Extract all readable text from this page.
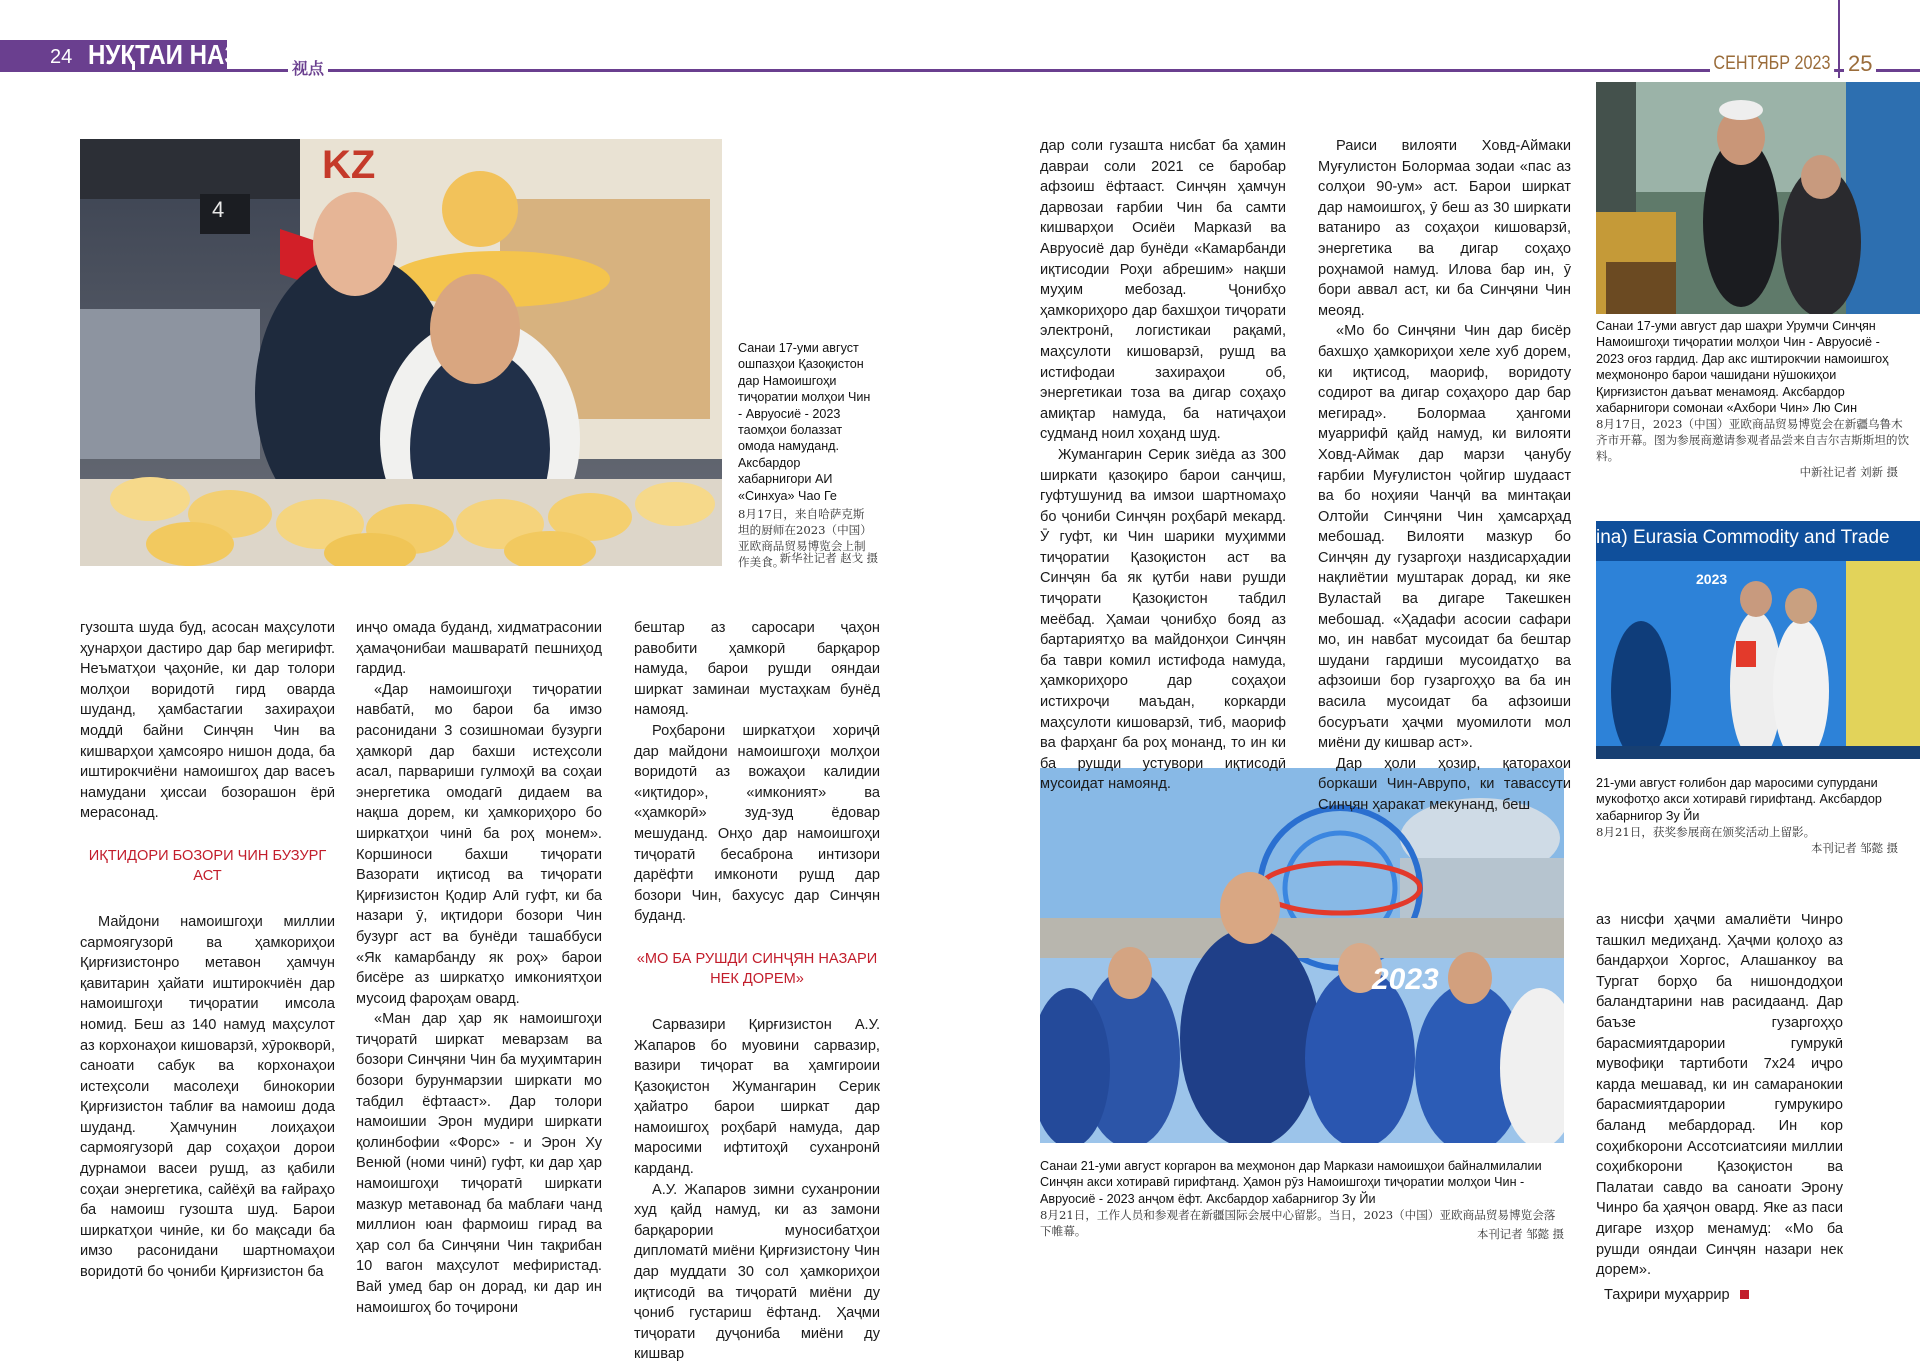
24 НУҚТАИ НАЗАР 视点	СЕНТЯБР 2023 25
KZ
4
Санаи 17-уми август ошпазҳои Қазоқистон дар Намоишгоҳи тиҷоратии молҳои Чин - Авруосиё - 2023 таомҳои болаззат омода намуданд. Аксбардор хабарнигори АИ «Синхуа» Чао Ге
8月17日，来自哈萨克斯坦的厨师在2023（中国）亚欧商品贸易博览会上制作美食。
新华社记者 赵戈 摄
Санаи 17-уми август дар шаҳри Урумчи Синҷян Намоишгоҳи тиҷоратии молҳои Чин - Авруосиё - 2023 оғоз гардид. Дар акс иштирокчии намоишгоҳ меҳмононро барои чашидани нӯшокиҳои Қирғизистон даъват менамояд. Аксбардор хабарнигори сомонаи «Ахбори Чин» Лю Син
8月17日，2023（中国）亚欧商品贸易博览会在新疆乌鲁木齐市开幕。图为参展商邀请参观者品尝来自吉尔吉斯斯坦的饮料。
中新社记者 刘新 摄
ina) Eurasia Commodity and Trade
2023
21-уми август ғолибон дар маросими супурдани мукофотҳо акси хотиравӣ гирифтанд. Аксбардор хабарнигор Зу Йи
8月21日，获奖参展商在颁奖活动上留影。
本刊记者 邹懿 摄
2023
Санаи 21-уми август коргарон ва меҳмонон дар Маркази намоишҳои байналмилалии Синҷян акси хотиравӣ гирифтанд. Ҳамон рӯз Намоишгоҳи тиҷоратии молҳои Чин - Авруосиё - 2023 анҷом ёфт. Аксбардор хабарнигор Зу Йи
8月21日，工作人员和参观者在新疆国际会展中心留影。当日，2023（中国）亚欧商品贸易博览会落下帷幕。	本刊记者 邹懿 摄

гузошта шуда буд, асосан маҳсулоти ҳунарҳои дастиро дар бар мегирифт. Неъматҳои ҷаҳонӣе, ки дар толори молҳои воридотӣ гирд оварда шуданд, ҳамбастагии захираҳои моддӣ байни Синҷян Чин ва кишварҳои ҳамсояро нишон дода, ба иштирокчиёни намоишгоҳ дар васеъ намудани ҳиссаи бозорашон ёрӣ мерасонад.

ИҚТИДОРИ БОЗОРИ ЧИН БУЗУРГ АСТ

Майдони намоишгоҳи миллии сармоягузорӣ ва ҳамкориҳои Қирғизистонро метавон ҳамчун қавитарин ҳайати иштирокчиён дар намоишгоҳи тиҷоратии имсола номид. Беш аз 140 намуд маҳсулот аз корхонаҳои кишоварзӣ, хӯрокворӣ, саноати сабук ва корхонаҳои истеҳсоли масолеҳи бинокории Қирғизистон таблиғ ва намоиш дода шуданд. Ҳамчунин лоиҳаҳои сармоягузорӣ дар соҳаҳои дорои дурнамои васеи рушд, аз қабили соҳаи энергетика, сайёҳӣ ва ғайраҳо ба намоиш гузошта шуд. Барои ширкатҳои чинӣе, ки бо мақсади ба имзо расонидани шартномаҳои воридотӣ бо ҷониби Қирғизистон ба

инҷо омада буданд, хидматрасонии ҳамаҷонибаи машваратӣ пешниҳод гардид.

«Дар намоишгоҳи тиҷоратии навбатӣ, мо барои ба имзо расонидани 3 созишномаи бузурги ҳамкорӣ дар бахши истеҳсоли асал, парвариши гулмоҳӣ ва соҳаи энергетика омодагӣ дидаем ва нақша дорем, ки ҳамкориҳоро бо ширкатҳои чинӣ ба роҳ монем». Коршиноси бахши тиҷорати Вазорати иқтисод ва тиҷорати Қирғизистон Қодир Алӣ гуфт, ки ба назари ӯ, иқтидори бозори Чин бузург аст ва бунёди ташаббуси «Як камарбанду як роҳ» барои бисёре аз ширкатҳо имкониятҳои мусоид фароҳам овард.

«Ман дар ҳар як намоишгоҳи тиҷоратӣ ширкат меварзам ва бозори Синҷяни Чин ба муҳимтарин бозори бурунмарзии ширкати мо табдил ёфтааст». Дар толори намоишии Эрон мудири ширкати қолинбофии «Форс» - и Эрон Ху Венюй (номи чинӣ) гуфт, ки дар ҳар намоишгоҳи тиҷоратӣ ширкати мазкур метавонад ба маблағи чанд миллион юан фармоиш гирад ва ҳар сол ба Синҷяни Чин тақрибан 10 вагон маҳсулот мефиристад. Вай умед бар он дорад, ки дар ин намоишгоҳ бо тоҷирони

бештар аз саросари ҷаҳон равобити ҳамкорӣ барқарор намуда, барои рушди ояндаи ширкат заминаи мустаҳкам бунёд намояд.

Роҳбарони ширкатҳои хориҷӣ дар майдони намоишгоҳи молҳои воридотӣ аз вожаҳои калидии «иқтидор», «имконият» ва «ҳамкорӣ» зуд-зуд ёдовар мешуданд. Онҳо дар намоишгоҳи тиҷоратӣ бесаброна интизори дарёфти имконоти рушд дар бозори Чин, бахусус дар Синҷян буданд.

«МО БА РУШДИ СИНҶЯН НАЗАРИ НЕК ДОРЕМ»

Сарвазири Қирғизистон А.У. Жапаров бо муовини сарвазир, вазири тиҷорат ва ҳамгироии Қазоқистон Жумангарин Серик ҳайатро барои ширкат дар намоишгоҳ роҳбарӣ намуда, дар маросими ифтитоҳӣ суханронӣ карданд.

А.У. Жапаров зимни суханронии худ қайд намуд, ки аз замони барқарории муносибатҳои дипломатӣ миёни Қирғизистону Чин дар муддати 30 сол ҳамкориҳои иқтисодӣ ва тиҷоратӣ миёни ду ҷониб густариш ёфтанд. Ҳаҷми тиҷорати дуҷониба миёни ду кишвар

дар соли гузашта нисбат ба ҳамин давраи соли 2021 се баробар афзоиш ёфтааст. Синҷян ҳамчун дарвозаи ғарбии Чин ба самти кишварҳои Осиёи Марказӣ ва Авруосиё дар бунёди «Камарбанди иқтисодии Роҳи абрешим» нақши муҳим мебозад. Ҷонибҳо ҳамкориҳоро дар бахшҳои тиҷорати электронӣ, логистикаи рақамӣ, маҳсулоти кишоварзӣ, рушд ва истифодаи захираҳои об, энергетикаи тоза ва дигар соҳаҳо амиқтар намуда, ба натиҷаҳои судманд ноил хоҳанд шуд.

Жумангарин Серик зиёда аз 300 ширкати қазоқиро барои санҷиш, гуфтушунид ва имзои шартномаҳо бо ҷониби Синҷян роҳбарӣ мекард. Ӯ гуфт, ки Чин шарики муҳимми тиҷоратии Қазоқистон аст ва Синҷян ба як қутби нави рушди тиҷорати Қазоқистон табдил меёбад. Ҳамаи ҷонибҳо бояд аз бартариятҳо ва майдонҳои Синҷян ба таври комил истифода намуда, ҳамкориҳоро дар соҳаҳои истихроҷи маъдан, коркарди маҳсулоти кишоварзӣ, тиб, маориф ва фарҳанг ба роҳ монанд, то ин ки ба рушди устувори иқтисодӣ мусоидат намоянд.

Раиси вилояти Ховд-Аймаки Муғулистон Болормаа зодаи «пас аз солҳои 90-ум» аст. Барои ширкат дар намоишгоҳ, ӯ беш аз 30 ширкати ватаниро аз соҳаҳои кишоварзӣ, энергетика ва дигар соҳаҳо роҳнамоӣ намуд. Илова бар ин, ӯ бори аввал аст, ки ба Синҷяни Чин меояд.

«Мо бо Синҷяни Чин дар бисёр бахшҳо ҳамкориҳои хеле хуб дорем, ки иқтисод, маориф, воридоту содирот ва дигар соҳаҳоро дар бар мегирад». Болормаа ҳангоми муаррифӣ қайд намуд, ки вилояти Ховд-Аймак дар марзи ҷанубу ғарбии Муғулистон ҷойгир шудааст ва бо ноҳияи Чанҷӣ ва минтақаи Олтойи Синҷяни Чин ҳамсарҳад мебошад. Вилояти мазкур бо Синҷян ду гузаргоҳи наздисарҳадии нақлиётии муштарак дорад, ки яке Вуластай ва дигаре Такешкен мебошад. «Ҳадафи асосии сафари мо, ин навбат мусоидат ба бештар шудани гардиши мусоидатҳо ва афзоиши бор гузаргоҳҳо ва ба ин васила мусоидат ба афзоиши босуръати ҳаҷми муомилоти мол миёни ду кишвар аст».

Дар ҳоли ҳозир, қаторахои боркаши Чин-Аврупо, ки тавассути Синҷян ҳаракат мекунанд, беш

аз нисфи ҳаҷми амалиёти Чинро ташкил медиҳанд. Ҳаҷми қолоҳо аз бандарҳои Хоргос, Алашанкоу ва Тургат борҳо ба нишондодҳои баландтарини нав расидаанд. Дар баъзе гузаргоҳҳо барасмиятдарории гумрукӣ мувофиқи тартиботи 7х24 иҷро карда мешавад, ки ин самаранокии барасмиятдарории гумрукиро баланд мебардорад. Ин кор соҳибкорони Ассотсиатсияи миллии соҳибкорони Қазоқистон ва Палатаи савдо ва саноати Эрону Чинро ба ҳаяҷон овард. Яке аз паси дигаре изҳор менамуд: «Мо ба рушди ояндаи Синҷян назари нек дорем».

Таҳрири муҳаррир
